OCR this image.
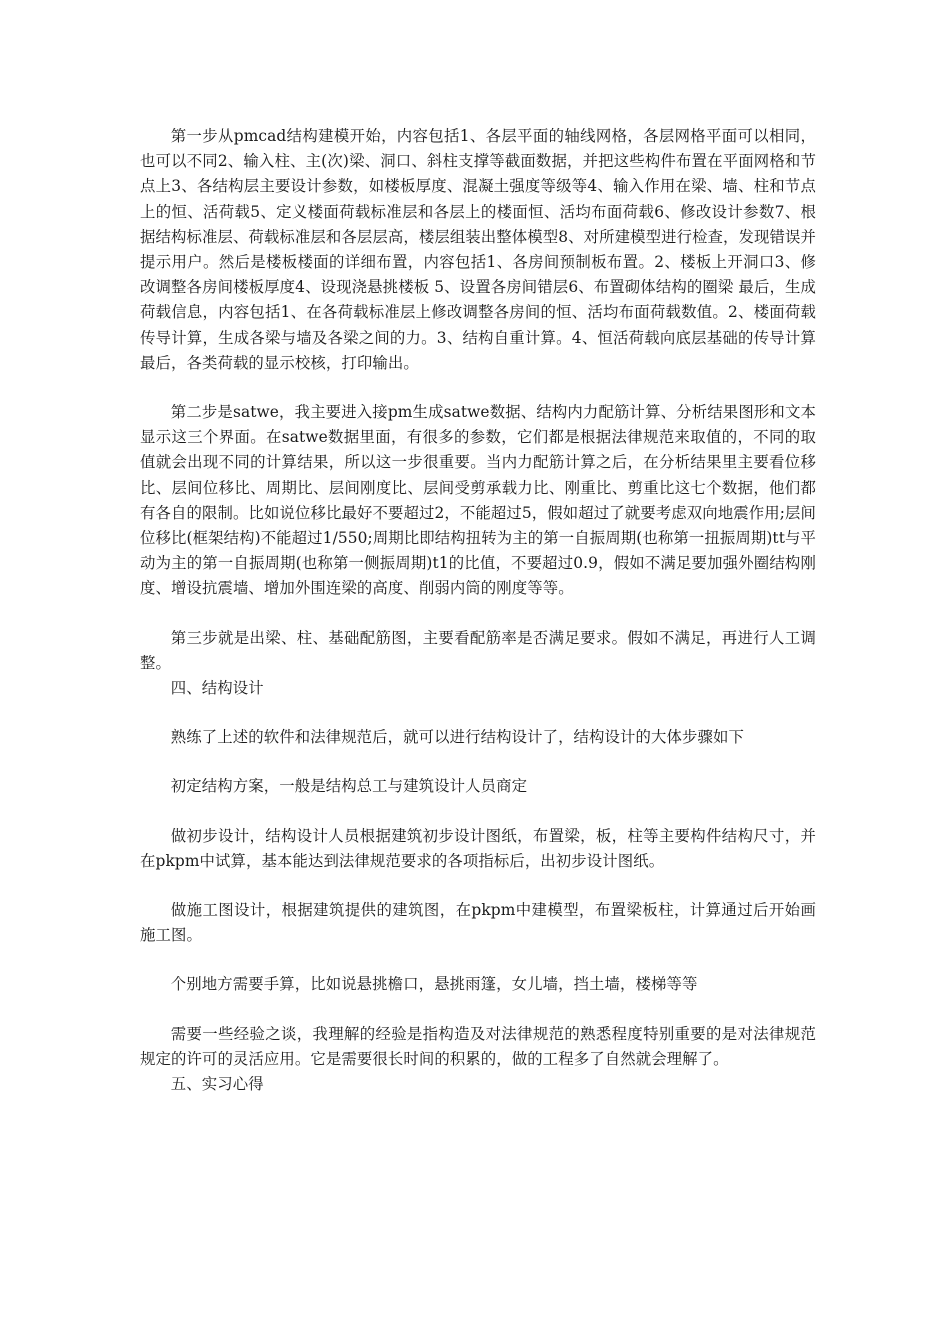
第一步从pmcad结构建模开始，内容包括1、各层平面的轴线网格，各层网格平面可以相同，也可以不同2、输入柱、主(次)梁、洞口、斜柱支撑等截面数据，并把这些构件布置在平面网格和节点上3、各结构层主要设计参数，如楼板厚度、混凝土强度等级等4、输入作用在梁、墙、柱和节点上的恒、活荷载5、定义楼面荷载标准层和各层上的楼面恒、活均布面荷载6、修改设计参数7、根据结构标准层、荷载标准层和各层层高，楼层组装出整体模型8、对所建模型进行检查，发现错误并提示用户。然后是楼板楼面的详细布置，内容包括1、各房间预制板布置。2、楼板上开洞口3、修改调整各房间楼板厚度4、设现浇悬挑楼板 5、设置各房间错层6、布置砌体结构的圈梁 最后，生成荷载信息，内容包括1、在各荷载标准层上修改调整各房间的恒、活均布面荷载数值。2、楼面荷载传导计算，生成各梁与墙及各梁之间的力。3、结构自重计算。4、恒活荷载向底层基础的传导计算最后，各类荷载的显示校核，打印输出。

第二步是satwe，我主要进入接pm生成satwe数据、结构内力配筋计算、分析结果图形和文本显示这三个界面。在satwe数据里面，有很多的参数，它们都是根据法律规范来取值的，不同的取值就会出现不同的计算结果，所以这一步很重要。当内力配筋计算之后，在分析结果里主要看位移比、层间位移比、周期比、层间刚度比、层间受剪承载力比、刚重比、剪重比这七个数据，他们都有各自的限制。比如说位移比最好不要超过2，不能超过5，假如超过了就要考虑双向地震作用;层间位移比(框架结构)不能超过1/550;周期比即结构扭转为主的第一自振周期(也称第一扭振周期)tt与平动为主的第一自振周期(也称第一侧振周期)t1的比值，不要超过0.9，假如不满足要加强外圈结构刚度、增设抗震墙、增加外围连梁的高度、削弱内筒的刚度等等。

第三步就是出梁、柱、基础配筋图，主要看配筋率是否满足要求。假如不满足，再进行人工调整。

四、结构设计

熟练了上述的软件和法律规范后，就可以进行结构设计了，结构设计的大体步骤如下

初定结构方案，一般是结构总工与建筑设计人员商定

做初步设计，结构设计人员根据建筑初步设计图纸，布置梁，板，柱等主要构件结构尺寸，并在pkpm中试算，基本能达到法律规范要求的各项指标后，出初步设计图纸。

做施工图设计，根据建筑提供的建筑图，在pkpm中建模型，布置梁板柱，计算通过后开始画施工图。

个别地方需要手算，比如说悬挑檐口，悬挑雨篷，女儿墙，挡土墙，楼梯等等

需要一些经验之谈，我理解的经验是指构造及对法律规范的熟悉程度特别重要的是对法律规范规定的许可的灵活应用。它是需要很长时间的积累的，做的工程多了自然就会理解了。

五、实习心得
